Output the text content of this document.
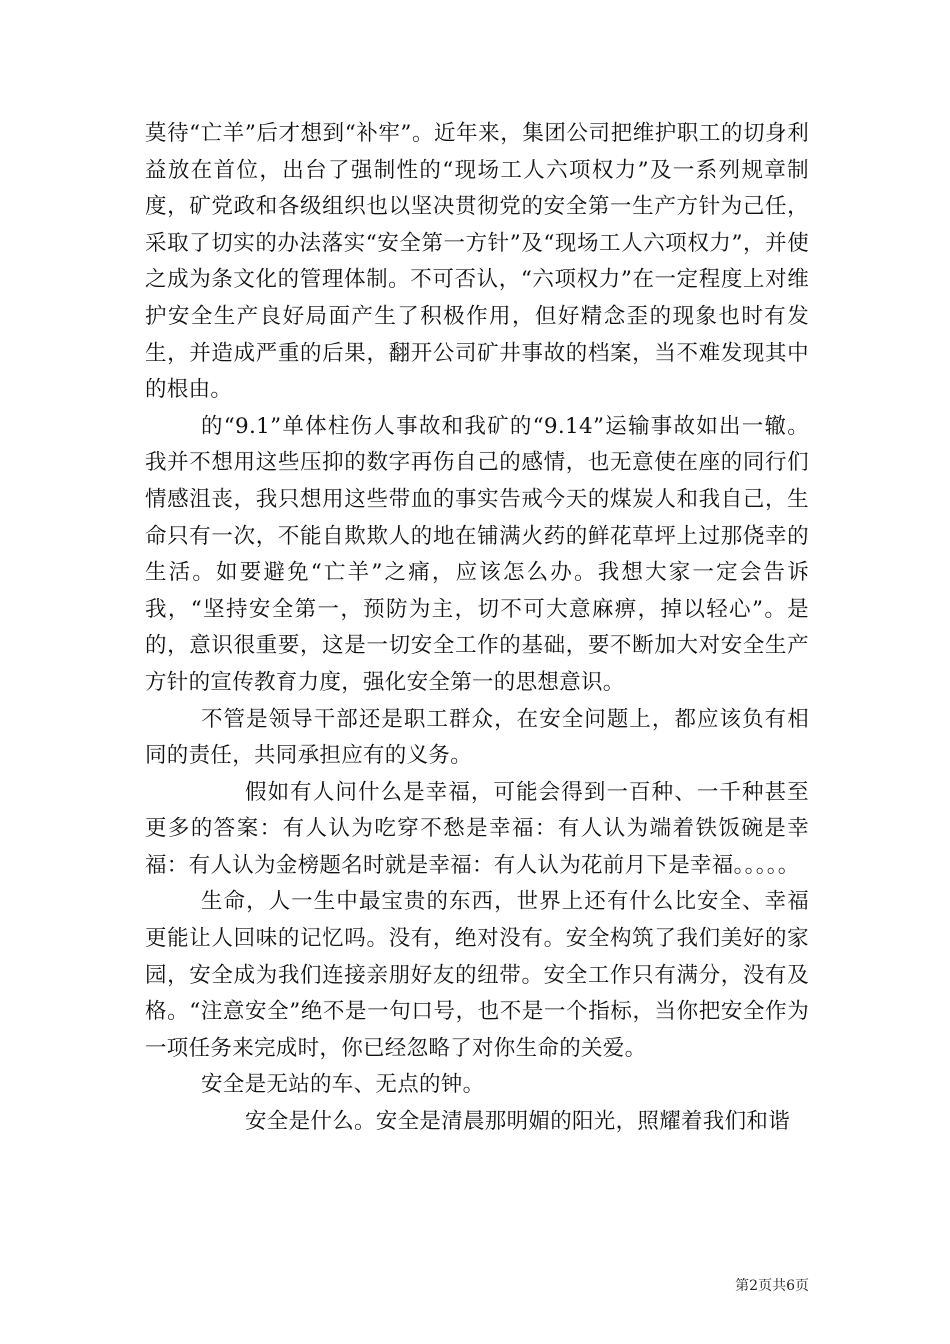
莫待“亡羊”后才想到“补牢”。近年来，集团公司把维护职工的切身利益放在首位，出台了强制性的“现场工人六项权力”及一系列规章制度，矿党政和各级组织也以坚决贯彻党的安全第一生产方针为己任，采取了切实的办法落实“安全第一方针”及“现场工人六项权力”，并使之成为条文化的管理体制。不可否认，“六项权力”在一定程度上对维护安全生产良好局面产生了积极作用，但好精念歪的现象也时有发生，并造成严重的后果，翻开公司矿井事故的档案，当不难发现其中的根由。

的“9.1”单体柱伤人事故和我矿的“9.14”运输事故如出一辙。我并不想用这些压抑的数字再伤自己的感情，也无意使在座的同行们情感沮丧，我只想用这些带血的事实告戒今天的煤炭人和我自己，生命只有一次，不能自欺欺人的地在铺满火药的鲜花草坪上过那侥幸的生活。如要避免“亡羊”之痛，应该怎么办。我想大家一定会告诉我，“坚持安全第一，预防为主，切不可大意麻痹，掉以轻心”。是的，意识很重要，这是一切安全工作的基础，要不断加大对安全生产方针的宣传教育力度，强化安全第一的思想意识。

不管是领导干部还是职工群众，在安全问题上，都应该负有相同的责任，共同承担应有的义务。

假如有人问什么是幸福，可能会得到一百种、一千种甚至更多的答案：有人认为吃穿不愁是幸福：有人认为端着铁饭碗是幸福：有人认为金榜题名时就是幸福：有人认为花前月下是幸福。。。。。

生命，人一生中最宝贵的东西，世界上还有什么比安全、幸福更能让人回味的记忆吗。没有，绝对没有。安全构筑了我们美好的家园，安全成为我们连接亲朋好友的纽带。安全工作只有满分，没有及格。“注意安全”绝不是一句口号，也不是一个指标，当你把安全作为一项任务来完成时，你已经忽略了对你生命的关爱。

安全是无站的车、无点的钟。

安全是什么。安全是清晨那明媚的阳光，照耀着我们和谐

第2页共6页
